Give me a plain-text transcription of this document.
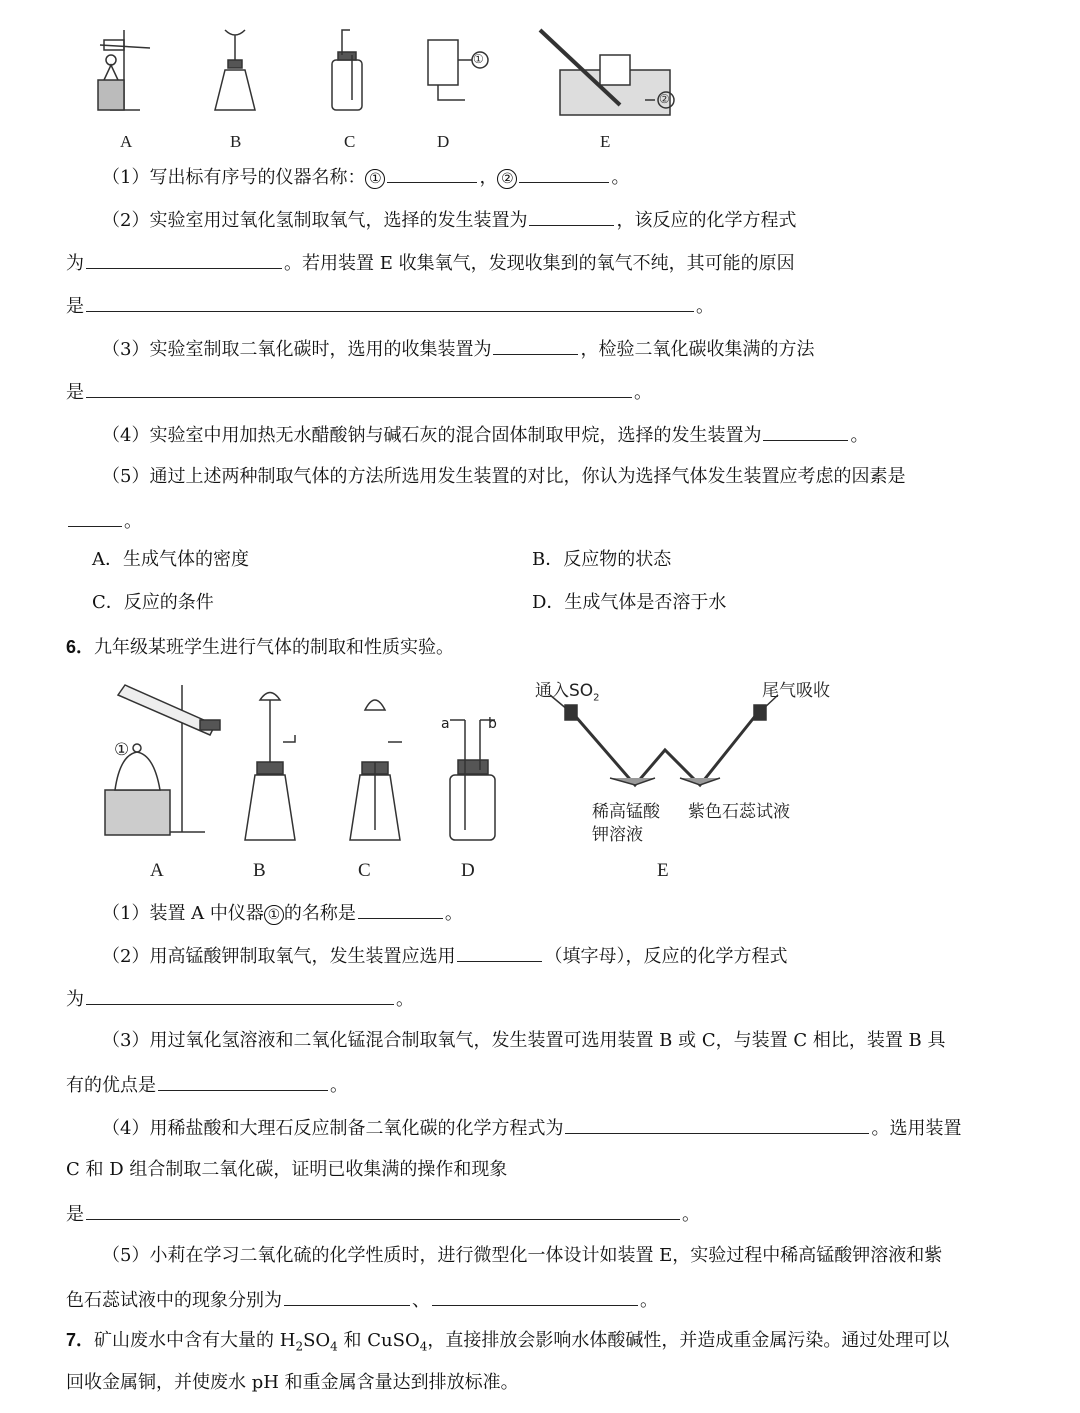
A	B	C	D	E
①
②
（1）写出标有序号的仪器名称： ①	， ②	。
（2）实验室用过氧化氢制取氧气，选择的发生装置为	，该反应的化学方程式
为	。若用装置 E 收集氧气，发现收集到的氧气不纯，其可能的原因
是	。
（3）实验室制取二氧化碳时，选用的收集装置为	，检验二氧化碳收集满的方法
是	。
（4）实验室中用加热无水醋酸钠与碱石灰的混合固体制取甲烷，选择的发生装置为	。
（5）通过上述两种制取气体的方法所选用发生装置的对比，你认为选择气体发生装置应考虑的因素是
。
A．生成气体的密度	B．反应物的状态
C．反应的条件	D．生成气体是否溶于水
6．九年级某班学生进行气体的制取和性质实验。
①
a	b
通入$SO_2$	尾气吸收
稀高锰酸
钾溶液
紫色石蕊试液
A	B	C	D	E
（1）装置 A 中仪器 ① 的名称是	。
（2）用高锰酸钾制取氧气，发生装置应选用	（填字母），反应的化学方程式
为	。
（3）用过氧化氢溶液和二氧化锰混合制取氧气，发生装置可选用装置 B 或 C，与装置 C 相比，装置 B 具
有的优点是	。
（4）用稀盐酸和大理石反应制备二氧化碳的化学方程式为	。选用装置
C 和 D 组合制取二氧化碳，证明已收集满的操作和现象
是	。
（5）小莉在学习二氧化硫的化学性质时，进行微型化一体设计如装置 E，实验过程中稀高锰酸钾溶液和紫
色石蕊试液中的现象分别为	、	。
7．矿山废水中含有大量的 $H_2SO_4$ 和 CuSO$_4$，直接排放会影响水体酸碱性，并造成重金属污染。通过处理可以
回收金属铜，并使废水 pH 和重金属含量达到排放标准。
